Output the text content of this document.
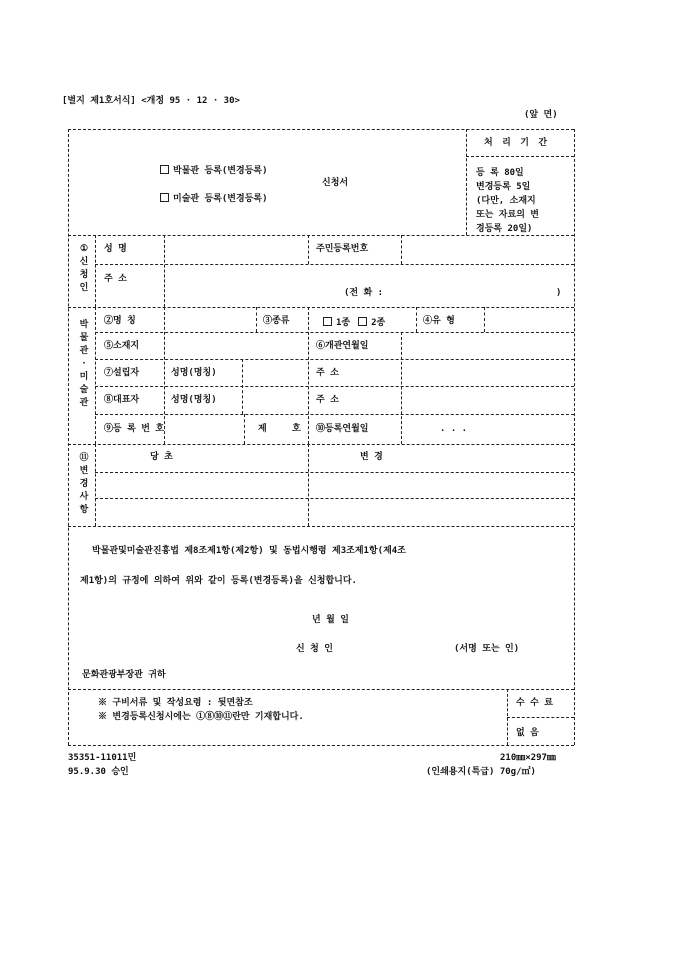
[별지 제1호서식] <개정 95 · 12 · 30>
(앞 면)
박물관 등록(변경등록)
미술관 등록(변경등록)
신청서
처 리 기 간
등 록 80일
변경등록 5일
(다만, 소재지
또는 자료의 변
경등록 20일)
①
신
청
인
성 명	주민등록번호
주 소
(전 화 :	)
박
물
관
·
미
술
관
②명 칭	③종류	1종 2종	④유 형
⑤소재지	⑥개관연월일
⑦설립자	성명(명칭)	주 소
⑧대표자	성명(명칭)	주 소
⑨등 록 번 호	제	호 ⑩등록연월일	. . .
⑪
변
경
사
항
당 초	변 경
박물관및미술관진흥법 제8조제1항(제2항) 및 동법시행령 제3조제1항(제4조
제1항)의 규정에 의하여 위와 같이 등록(변경등록)을 신청합니다.
년 월 일
신 청 인	(서명 또는 인)
문화관광부장관 귀하
※ 구비서류 및 작성요령 : 뒷면참조
※ 변경등록신청시에는 ①⑧⑩⑪란만 기재합니다.
수 수 료
없 음
35351-11011민
95.9.30 승인
210㎜×297㎜
(인쇄용지(특급) 70g/㎡)
